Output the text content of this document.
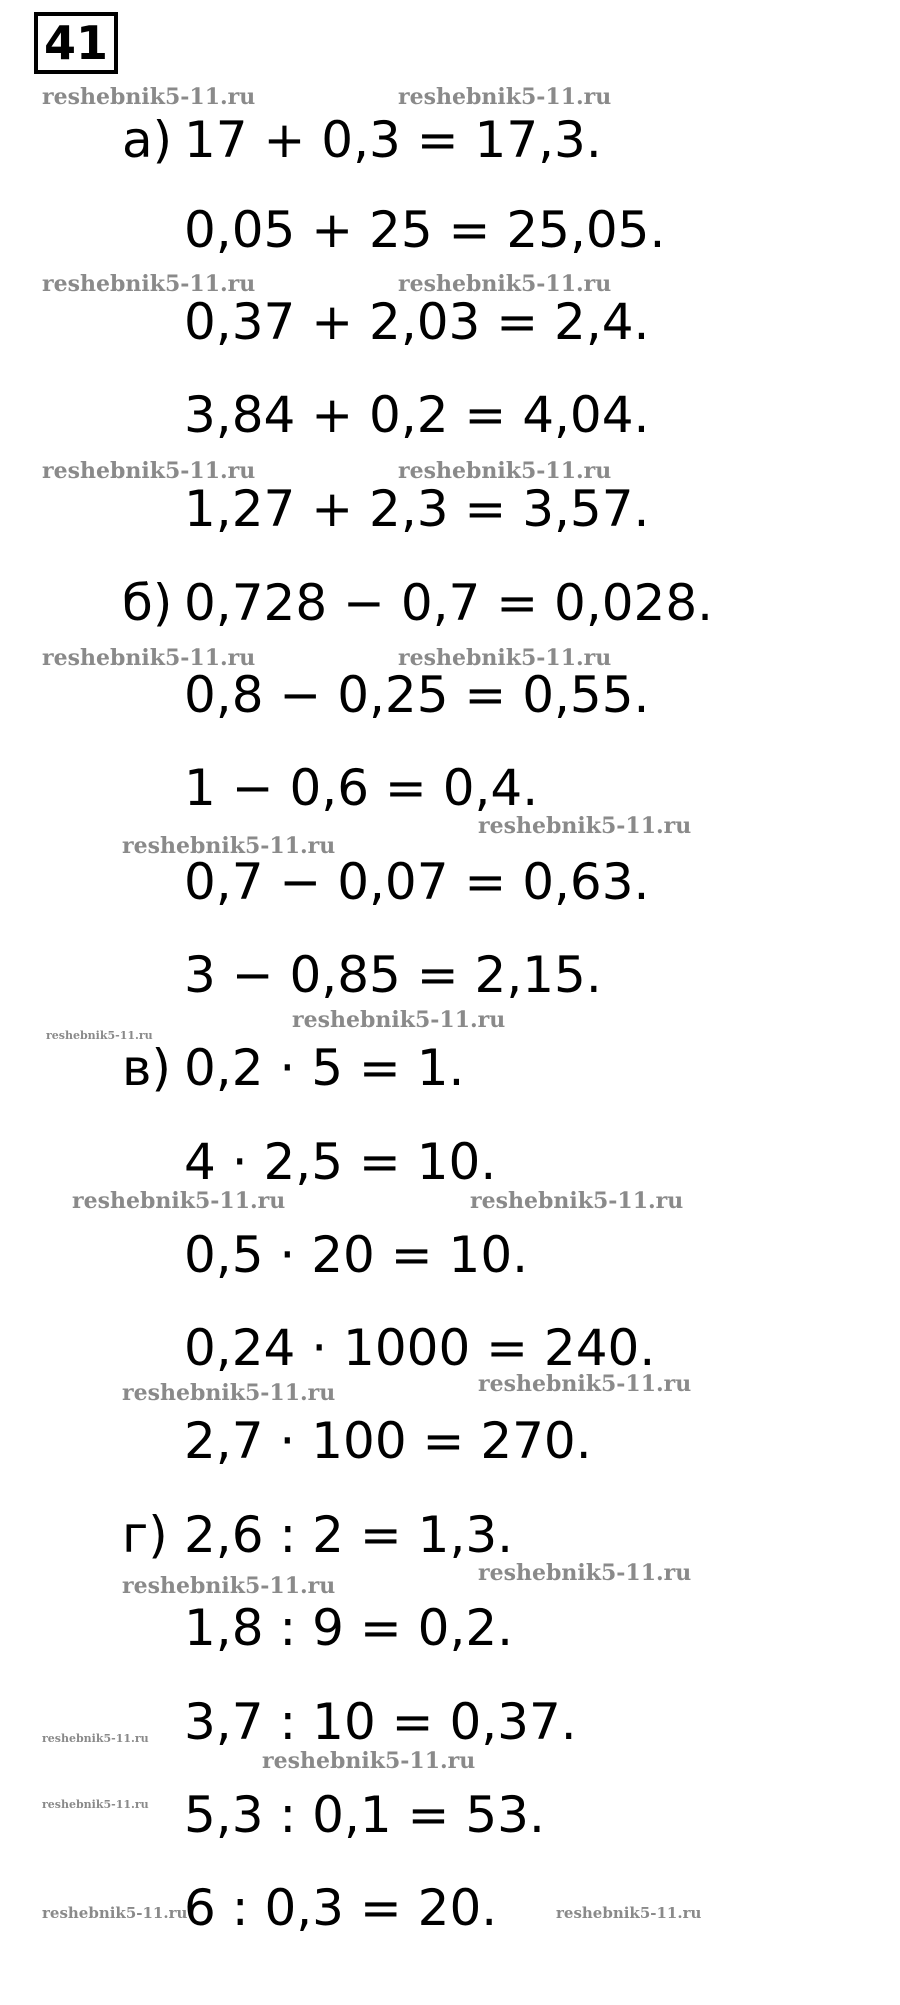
41
а) 17 + 0,3 = 17,3.
0,05 + 25 = 25,05.
0,37 + 2,03 = 2,4.
3,84 + 0,2 = 4,04.
1,27 + 2,3 = 3,57.
б) 0,728 − 0,7 = 0,028.
0,8 − 0,25 = 0,55.
1 − 0,6 = 0,4.
0,7 − 0,07 = 0,63.
3 − 0,85 = 2,15.
в) 0,2 · 5 = 1.
4 · 2,5 = 10.
0,5 · 20 = 10.
0,24 · 1000 = 240.
2,7 · 100 = 270.
г) 2,6 : 2 = 1,3.
1,8 : 9 = 0,2.
3,7 : 10 = 0,37.
5,3 : 0,1 = 53.
6 : 0,3 = 20.
reshebnik5-11.ru	reshebnik5-11.ru
reshebnik5-11.ru	reshebnik5-11.ru
reshebnik5-11.ru	reshebnik5-11.ru
reshebnik5-11.ru	reshebnik5-11.ru
reshebnik5-11.ru
reshebnik5-11.ru
reshebnik5-11.ru
reshebnik5-11.ru
reshebnik5-11.ru	reshebnik5-11.ru
reshebnik5-11.ru
reshebnik5-11.ru
reshebnik5-11.ru
reshebnik5-11.ru
reshebnik5-11.ru
reshebnik5-11.ru
reshebnik5-11.ru
reshebnik5-11.ru	reshebnik5-11.ru
